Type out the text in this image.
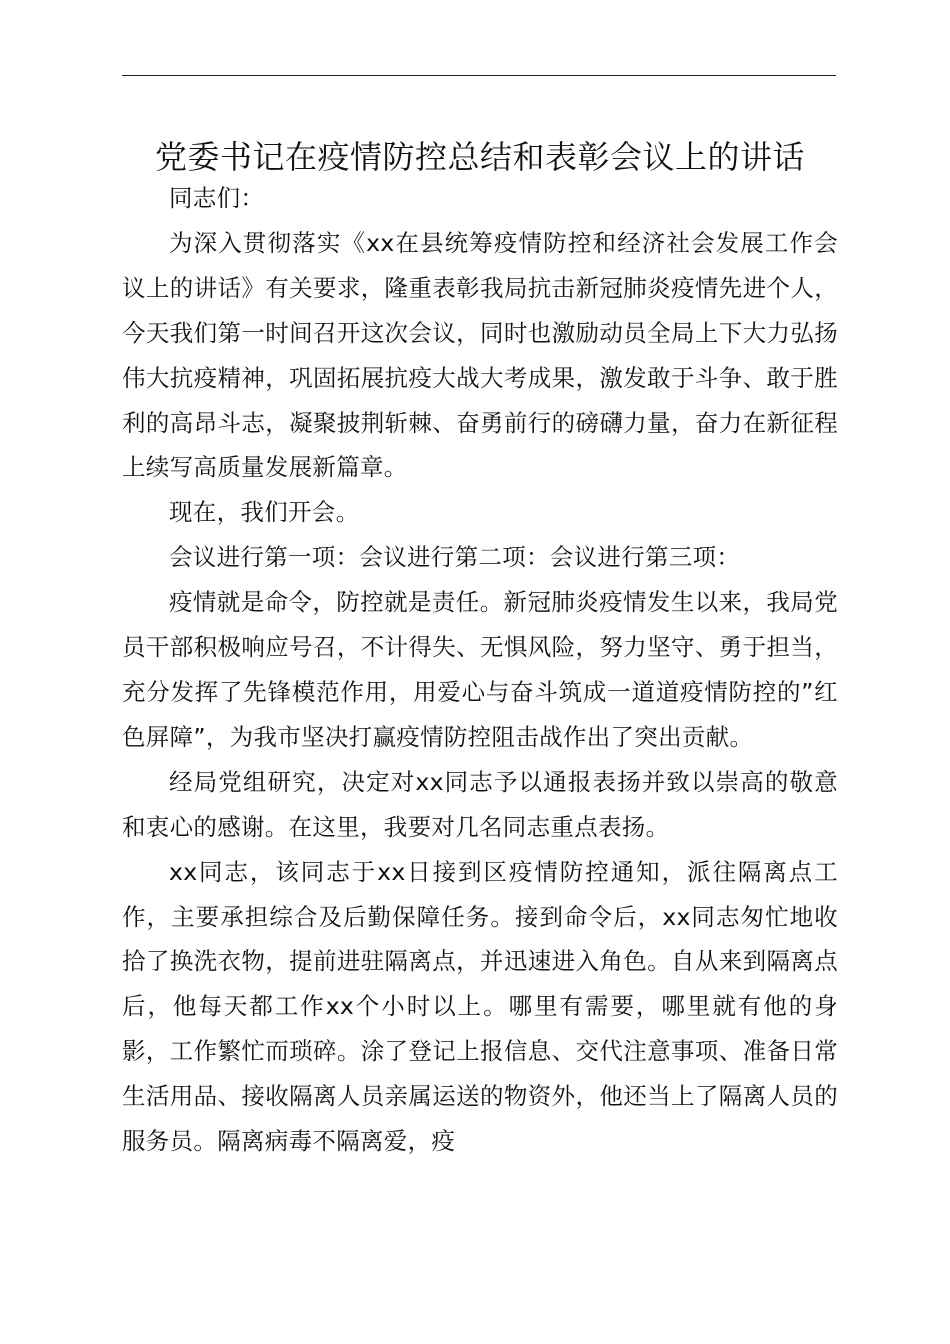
党委书记在疫情防控总结和表彰会议上的讲话

同志们：

为深入贯彻落实《xx在县统筹疫情防控和经济社会发展工作会议上的讲话》有关要求，隆重表彰我局抗击新冠肺炎疫情先进个人，今天我们第一时间召开这次会议，同时也激励动员全局上下大力弘扬伟大抗疫精神，巩固拓展抗疫大战大考成果，激发敢于斗争、敢于胜利的高昂斗志，凝聚披荆斩棘、奋勇前行的磅礴力量，奋力在新征程上续写高质量发展新篇章。

现在，我们开会。

会议进行第一项：会议进行第二项：会议进行第三项：

疫情就是命令，防控就是责任。新冠肺炎疫情发生以来，我局党员干部积极响应号召，不计得失、无惧风险，努力坚守、勇于担当，充分发挥了先锋模范作用，用爱心与奋斗筑成一道道疫情防控的”红色屏障”，为我市坚决打赢疫情防控阻击战作出了突出贡献。

经局党组研究，决定对xx同志予以通报表扬并致以崇高的敬意和衷心的感谢。在这里，我要对几名同志重点表扬。

xx同志，该同志于xx日接到区疫情防控通知，派往隔离点工作，主要承担综合及后勤保障任务。接到命令后，xx同志匆忙地收拾了换洗衣物，提前进驻隔离点，并迅速进入角色。自从来到隔离点后，他每天都工作xx个小时以上。哪里有需要，哪里就有他的身影，工作繁忙而琐碎。涂了登记上报信息、交代注意事项、准备日常生活用品、接收隔离人员亲属运送的物资外，他还当上了隔离人员的服务员。隔离病毒不隔离爱，疫
